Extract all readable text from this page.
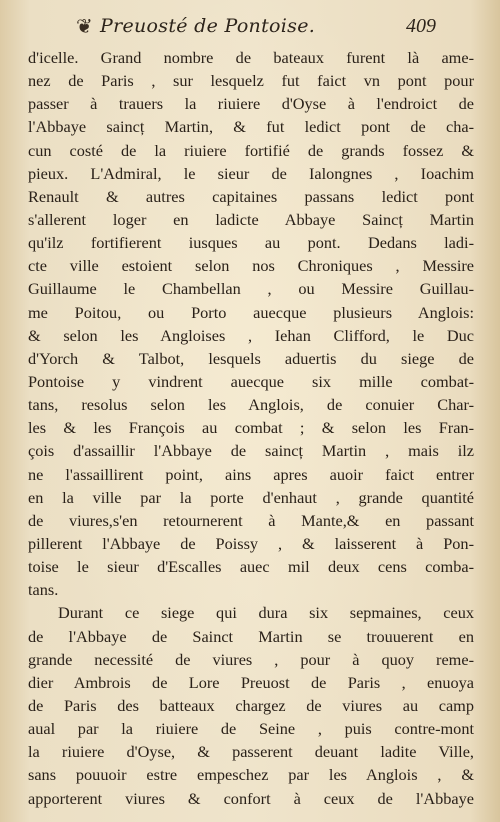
❦ Preuosté de Pontoise.	409
d'icelle. Grand nombre de bateaux furent là ame-
nez de Paris , sur lesquelz fut faict vn pont pour
passer à trauers la riuiere d'Oyse à l'endroict de
l'Abbaye saincț Martin, & fut ledict pont de cha-
cun costé de la riuiere fortifié de grands fossez &
pieux. L'Admiral, le sieur de Ialongnes , Ioachim
Renault & autres capitaines passans ledict pont
s'allerent loger en ladicte Abbaye Saincț Martin
qu'ilz fortifierent iusques au pont. Dedans ladi-
cte ville estoient selon nos Chroniques , Messire
Guillaume le Chambellan , ou Messire Guillau-
me Poitou, ou Porto auecque plusieurs Anglois:
& selon les Angloises , Iehan Clifford, le Duc
d'Yorch & Talbot, lesquels aduertis du siege de
Pontoise y vindrent auecque six mille combat-
tans, resolus selon les Anglois, de conuier Char-
les & les François au combat ; & selon les Fran-
çois d'assaillir l'Abbaye de saincț Martin , mais ilz
ne l'assaillirent point, ains apres auoir faict entrer
en la ville par la porte d'enhaut , grande quantité
de viures,s'en retournerent à Mante,& en passant
pillerent l'Abbaye de Poissy , & laisserent à Pon-
toise le sieur d'Escalles auec mil deux cens comba-
tans.
Durant ce siege qui dura six sepmaines, ceux
de l'Abbaye de Sainct Martin se trouuerent en
grande necessité de viures , pour à quoy reme-
dier Ambrois de Lore Preuost de Paris , enuoya
de Paris des batteaux chargez de viures au camp
aual par la riuiere de Seine , puis contre-mont
la riuiere d'Oyse, & passerent deuant ladite Ville,
sans pouuoir estre empeschez par les Anglois , &
apporterent viures & confort à ceux de l'Abbaye
